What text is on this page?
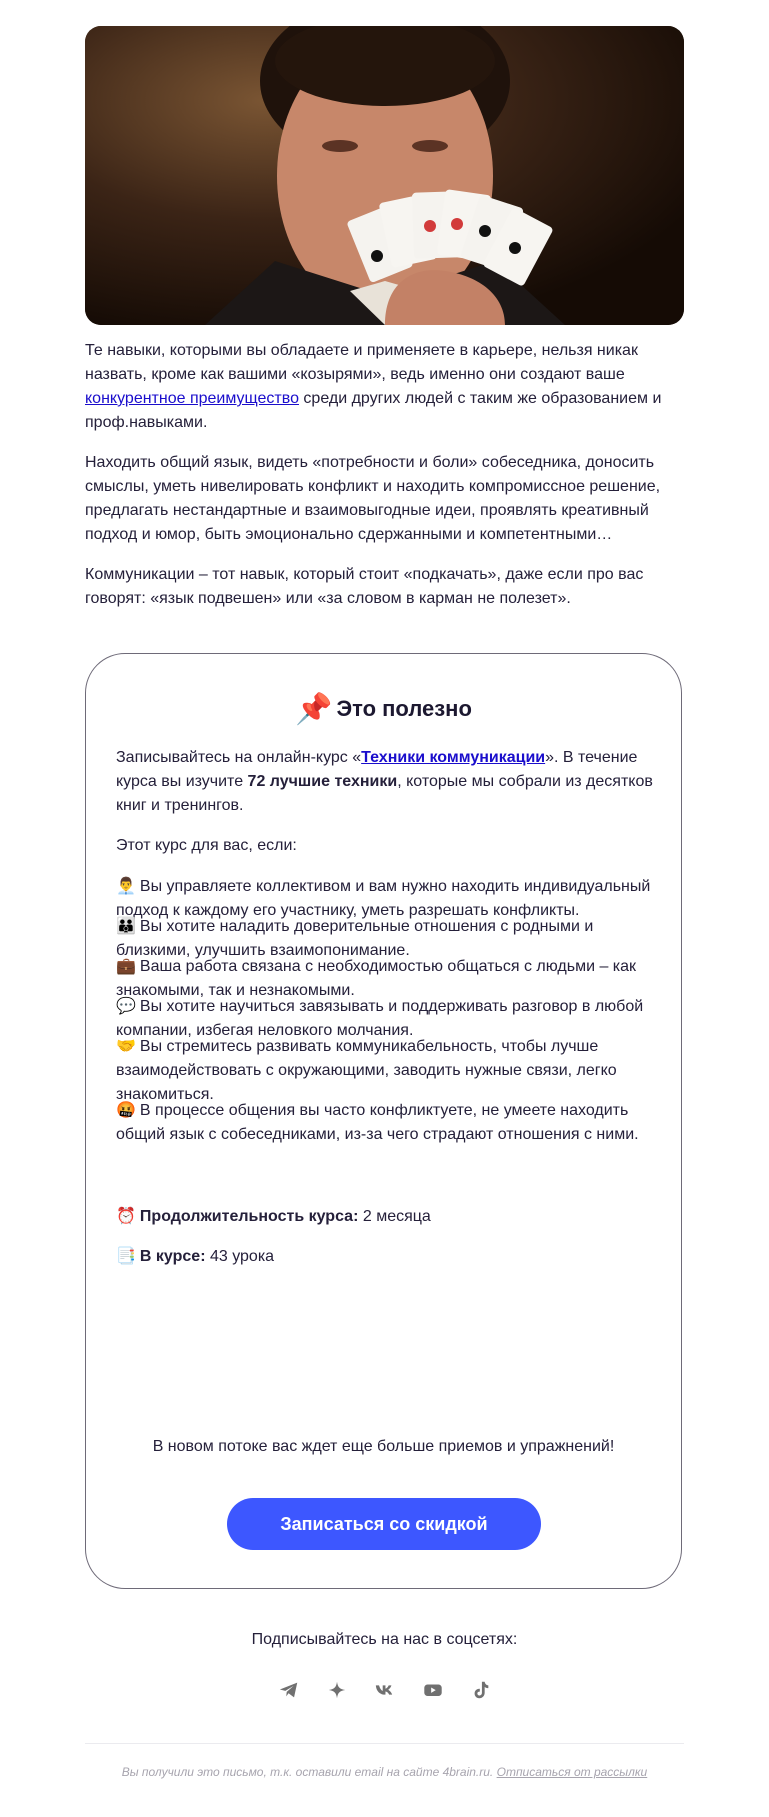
Те навыки, которыми вы обладаете и применяете в карьере, нельзя никак назвать, кроме как вашими «козырями», ведь именно они создают ваше конкурентное преимущество среди других людей с таким же образованием и проф.навыками.

Находить общий язык, видеть «потребности и боли» собеседника, доносить смыслы, уметь нивелировать конфликт и находить компромиссное решение, предлагать нестандартные и взаимовыгодные идеи, проявлять креативный подход и юмор, быть эмоционально сдержанными и компетентными…

Коммуникации – тот навык, который стоит «подкачать», даже если про вас говорят: «язык подвешен» или «за словом в карман не полезет».

📌 Это полезно

Записывайтесь на онлайн-курс «Техники коммуникации». В течение курса вы изучите 72 лучшие техники, которые мы собрали из десятков книг и тренингов.

Этот курс для вас, если:

👨‍💼 Вы управляете коллективом и вам нужно находить индивидуальный подход к каждому его участнику, уметь разрешать конфликты.

👪 Вы хотите наладить доверительные отношения с родными и близкими, улучшить взаимопонимание.

💼 Ваша работа связана с необходимостью общаться с людьми – как знакомыми, так и незнакомыми.

💬 Вы хотите научиться завязывать и поддерживать разговор в любой компании, избегая неловкого молчания.

🤝 Вы стремитесь развивать коммуникабельность, чтобы лучше взаимодействовать с окружающими, заводить нужные связи, легко знакомиться.

🤬 В процессе общения вы часто конфликтуете, не умеете находить общий язык с собеседниками, из-за чего страдают отношения с ними.

⏰ Продолжительность курса: 2 месяца

📑 В курсе: 43 урока

В новом потоке вас ждет еще больше приемов и упражнений!
Записаться со скидкой
Подписывайтесь на нас в соцсетях:
Вы получили это письмо, т.к. оставили email на сайте 4brain.ru. Отписаться от рассылки
